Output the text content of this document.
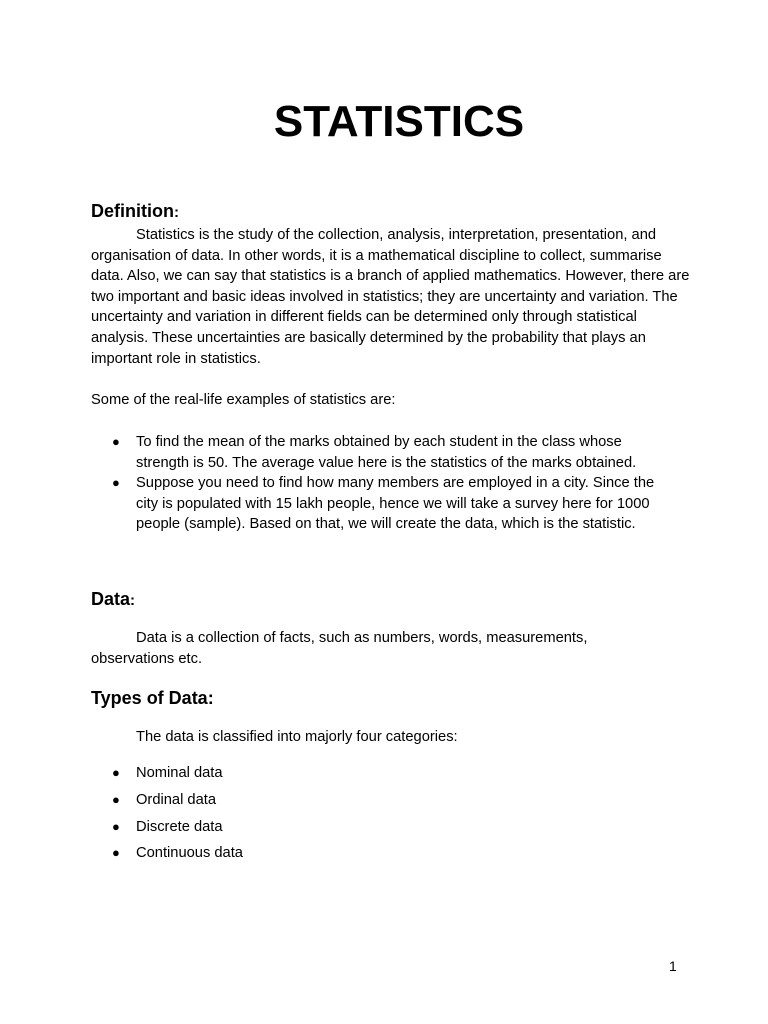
STATISTICS
Definition:

Statistics is the study of the collection, analysis, interpretation, presentation, and organisation of data. In other words, it is a mathematical discipline to collect, summarise data. Also, we can say that statistics is a branch of applied mathematics. However, there are two important and basic ideas involved in statistics; they are uncertainty and variation. The uncertainty and variation in different fields can be determined only through statistical analysis. These uncertainties are basically determined by the probability that plays an important role in statistics.

Some of the real-life examples of statistics are:

● To find the mean of the marks obtained by each student in the class whose strength is 50. The average value here is the statistics of the marks obtained.
● Suppose you need to find how many members are employed in a city. Since the city is populated with 15 lakh people, hence we will take a survey here for 1000 people (sample). Based on that, we will create the data, which is the statistic.
Data:

Data is a collection of facts, such as numbers, words, measurements, observations etc.

Types of Data:

The data is classified into majorly four categories:

● Nominal data
● Ordinal data
● Discrete data
● Continuous data
1
